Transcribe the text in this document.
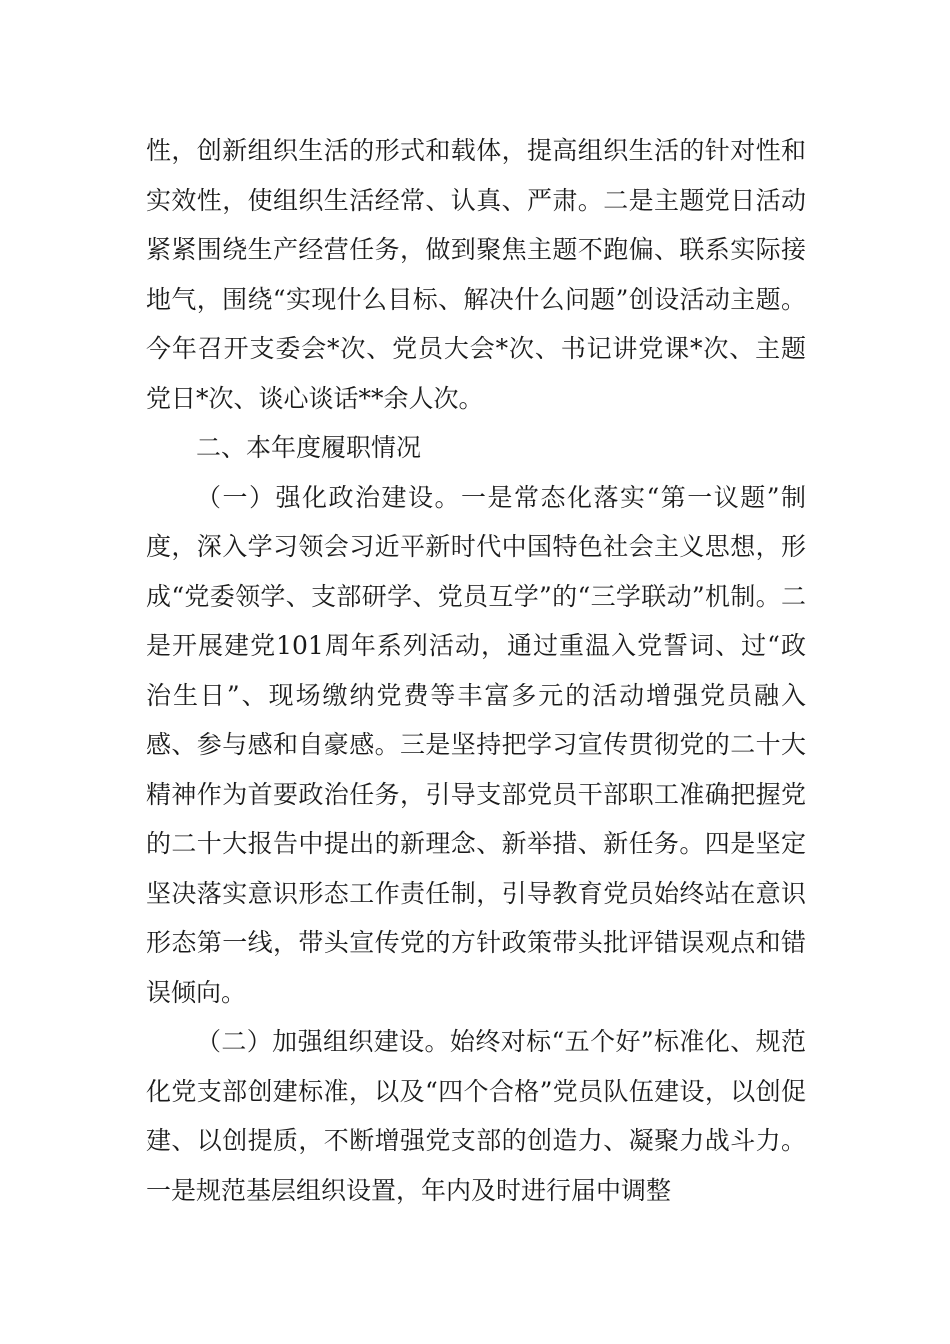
性，创新组织生活的形式和载体，提高组织生活的针对性和实效性，使组织生活经常、认真、严肃。二是主题党日活动紧紧围绕生产经营任务，做到聚焦主题不跑偏、联系实际接地气，围绕“实现什么目标、解决什么问题”创设活动主题。今年召开支委会*次、党员大会*次、书记讲党课*次、主题党日*次、谈心谈话**余人次。

二、本年度履职情况

（一）强化政治建设。一是常态化落实“第一议题”制度，深入学习领会习近平新时代中国特色社会主义思想，形成“党委领学、支部研学、党员互学”的“三学联动”机制。二是开展建党101周年系列活动，通过重温入党誓词、过“政治生日”、现场缴纳党费等丰富多元的活动增强党员融入感、参与感和自豪感。三是坚持把学习宣传贯彻党的二十大精神作为首要政治任务，引导支部党员干部职工准确把握党的二十大报告中提出的新理念、新举措、新任务。四是坚定坚决落实意识形态工作责任制，引导教育党员始终站在意识形态第一线，带头宣传党的方针政策带头批评错误观点和错误倾向。

（二）加强组织建设。始终对标“五个好”标准化、规范化党支部创建标准，以及“四个合格”党员队伍建设，以创促建、以创提质，不断增强党支部的创造力、凝聚力战斗力。一是规范基层组织设置，年内及时进行届中调整
